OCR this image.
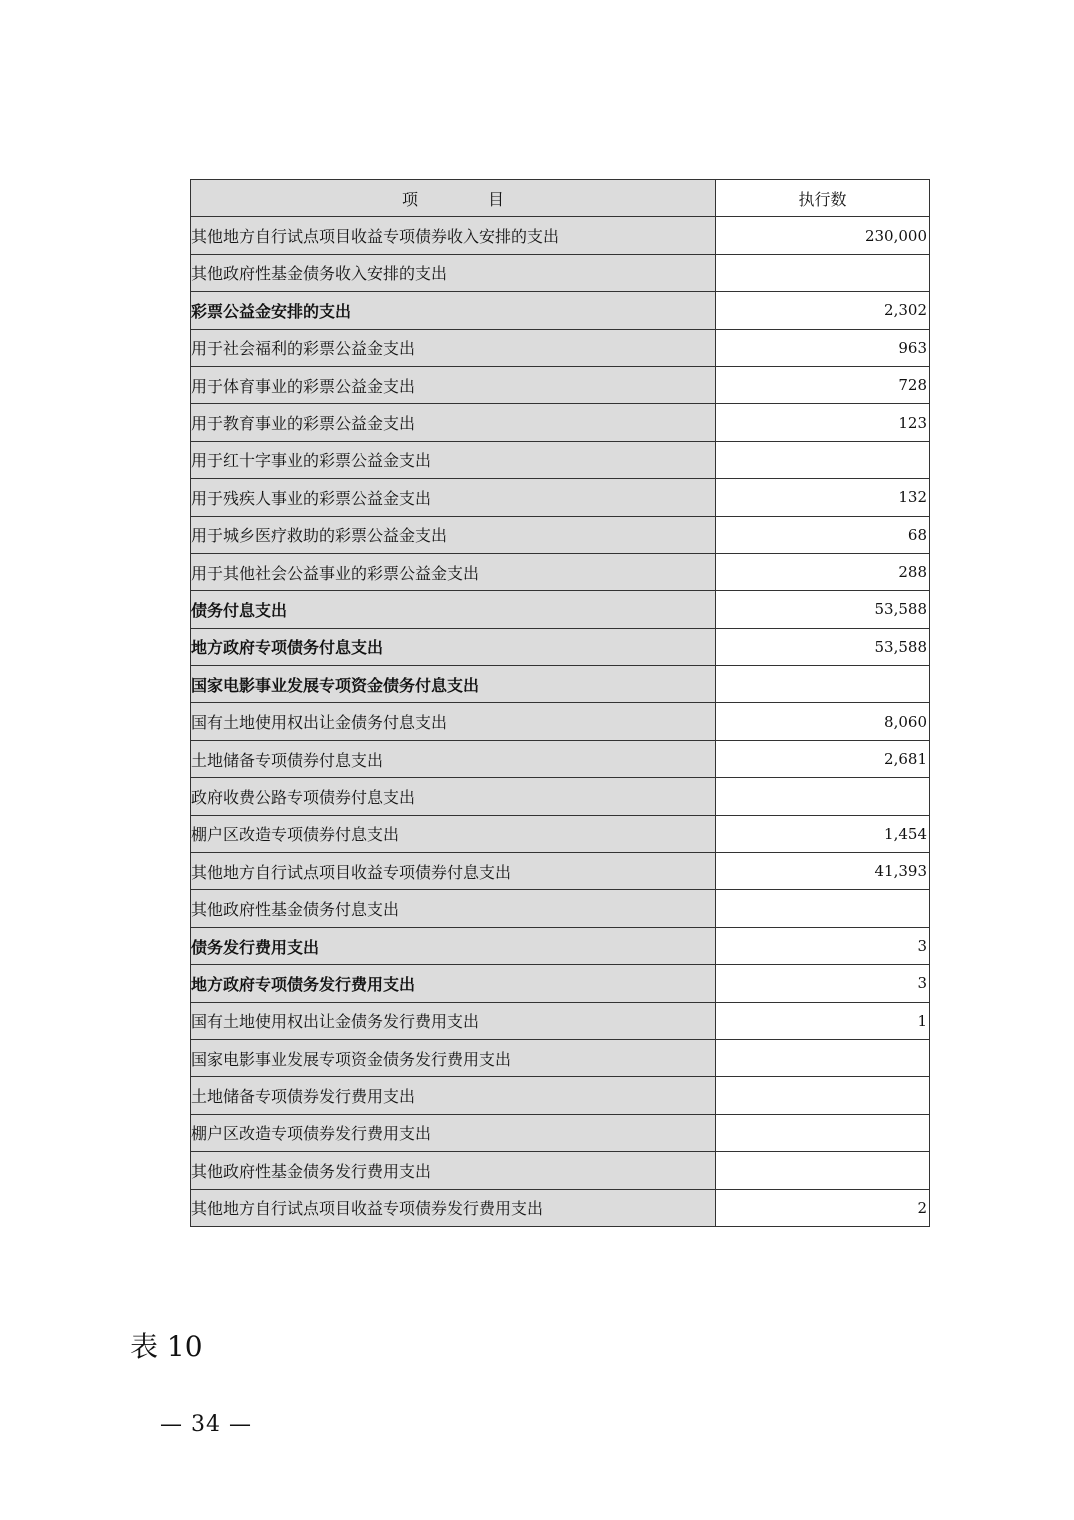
项 目	执行数
其他地方自行试点项目收益专项债券收入安排的支出	230,000
其他政府性基金债务收入安排的支出	
彩票公益金安排的支出	2,302
用于社会福利的彩票公益金支出	963
用于体育事业的彩票公益金支出	728
用于教育事业的彩票公益金支出	123
用于红十字事业的彩票公益金支出	
用于残疾人事业的彩票公益金支出	132
用于城乡医疗救助的彩票公益金支出	68
用于其他社会公益事业的彩票公益金支出	288
债务付息支出	53,588
地方政府专项债务付息支出	53,588
国家电影事业发展专项资金债务付息支出	
国有土地使用权出让金债务付息支出	8,060
土地储备专项债券付息支出	2,681
政府收费公路专项债券付息支出	
棚户区改造专项债券付息支出	1,454
其他地方自行试点项目收益专项债券付息支出	41,393
其他政府性基金债务付息支出	
债务发行费用支出	3
地方政府专项债务发行费用支出	3
国有土地使用权出让金债务发行费用支出	1
国家电影事业发展专项资金债务发行费用支出	
土地储备专项债券发行费用支出	
棚户区改造专项债券发行费用支出	
其他政府性基金债务发行费用支出	
其他地方自行试点项目收益专项债券发行费用支出	2
表 10
— 34 —
